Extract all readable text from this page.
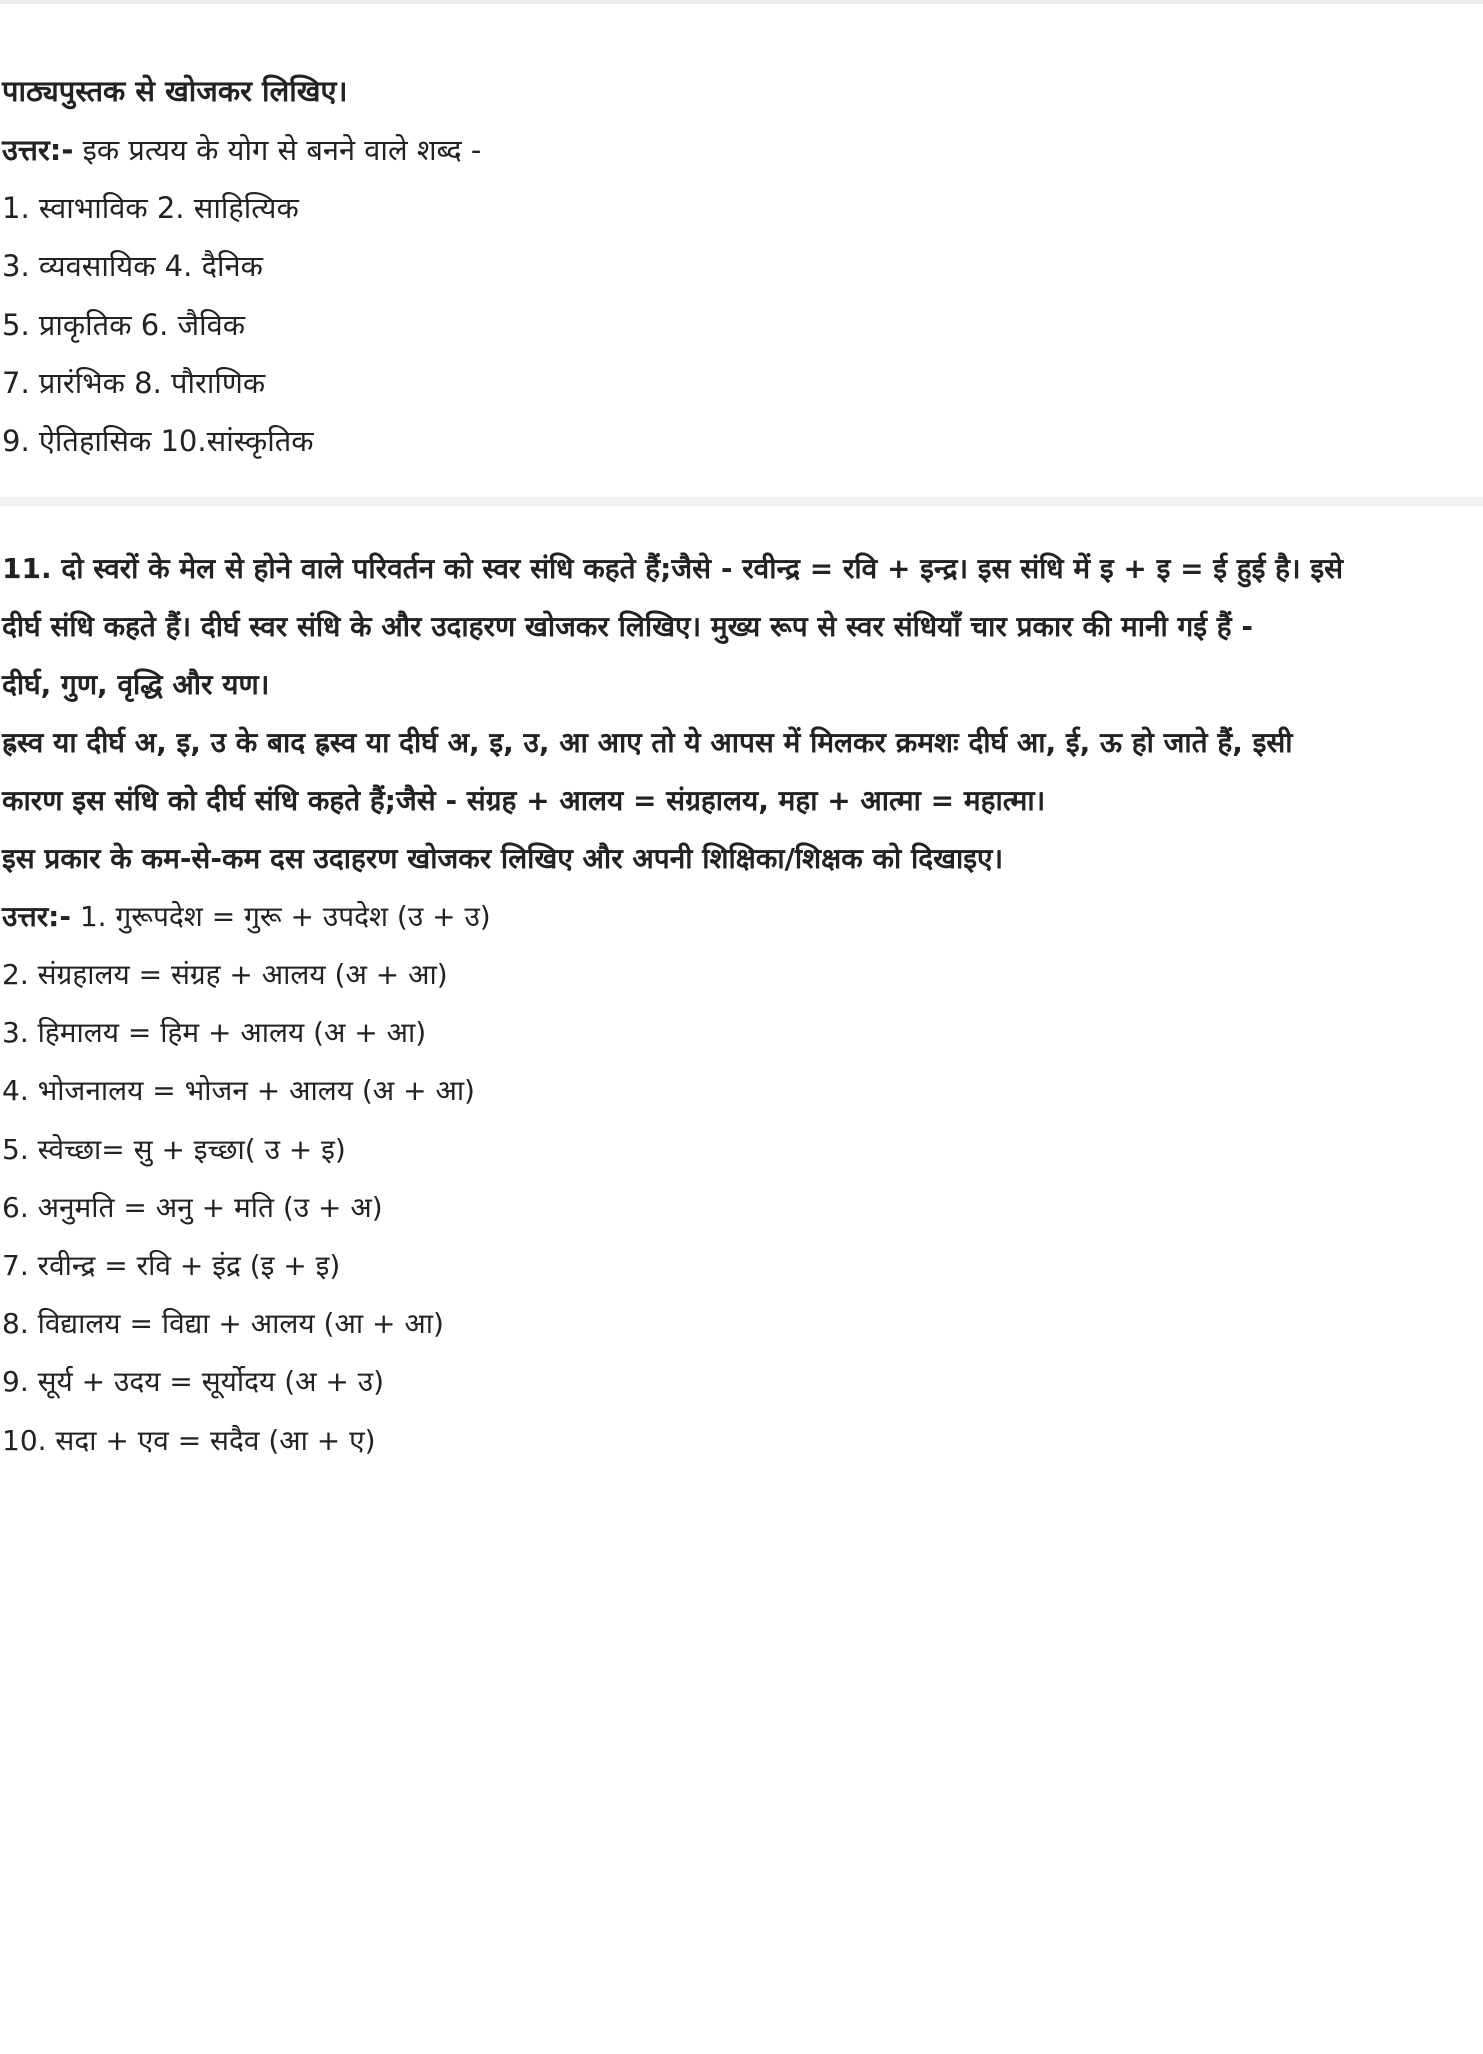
पाठ्यपुस्तक से खोजकर लिखिए।

उत्तर:- इक प्रत्यय के योग से बनने वाले शब्द -

1. स्वाभाविक 2. साहित्यिक

3. व्यवसायिक 4. दैनिक

5. प्राकृतिक 6. जैविक

7. प्रारंभिक 8. पौराणिक

9. ऐतिहासिक 10.सांस्कृतिक

11. दो स्वरों के मेल से होने वाले परिवर्तन को स्वर संधि कहते हैं;जैसे - रवीन्द्र = रवि + इन्द्र। इस संधि में इ + इ = ई हुई है। इसे

दीर्घ संधि कहते हैं। दीर्घ स्वर संधि के और उदाहरण खोजकर लिखिए। मुख्य रूप से स्वर संधियाँ चार प्रकार की मानी गई हैं -

दीर्घ, गुण, वृद्धि और यण।

ह्रस्व या दीर्घ अ, इ, उ के बाद ह्रस्व या दीर्घ अ, इ, उ, आ आए तो ये आपस में मिलकर क्रमशः दीर्घ आ, ई, ऊ हो जाते हैं, इसी

कारण इस संधि को दीर्घ संधि कहते हैं;जैसे - संग्रह + आलय = संग्रहालय, महा + आत्मा = महात्मा।

इस प्रकार के कम-से-कम दस उदाहरण खोजकर लिखिए और अपनी शिक्षिका/शिक्षक को दिखाइए।

उत्तर:- 1. गुरूपदेश = गुरू + उपदेश (उ + उ)

2. संग्रहालय = संग्रह + आलय (अ + आ)

3. हिमालय = हिम + आलय (अ + आ)

4. भोजनालय = भोजन + आलय (अ + आ)

5. स्वेच्छा= सु + इच्छा( उ + इ)

6. अनुमति = अनु + मति (उ + अ)

7. रवीन्द्र = रवि + इंद्र (इ + इ)

8. विद्यालय = विद्या + आलय (आ + आ)

9. सूर्य + उदय = सूर्योदय (अ + उ)

10. सदा + एव = सदैव (आ + ए)
